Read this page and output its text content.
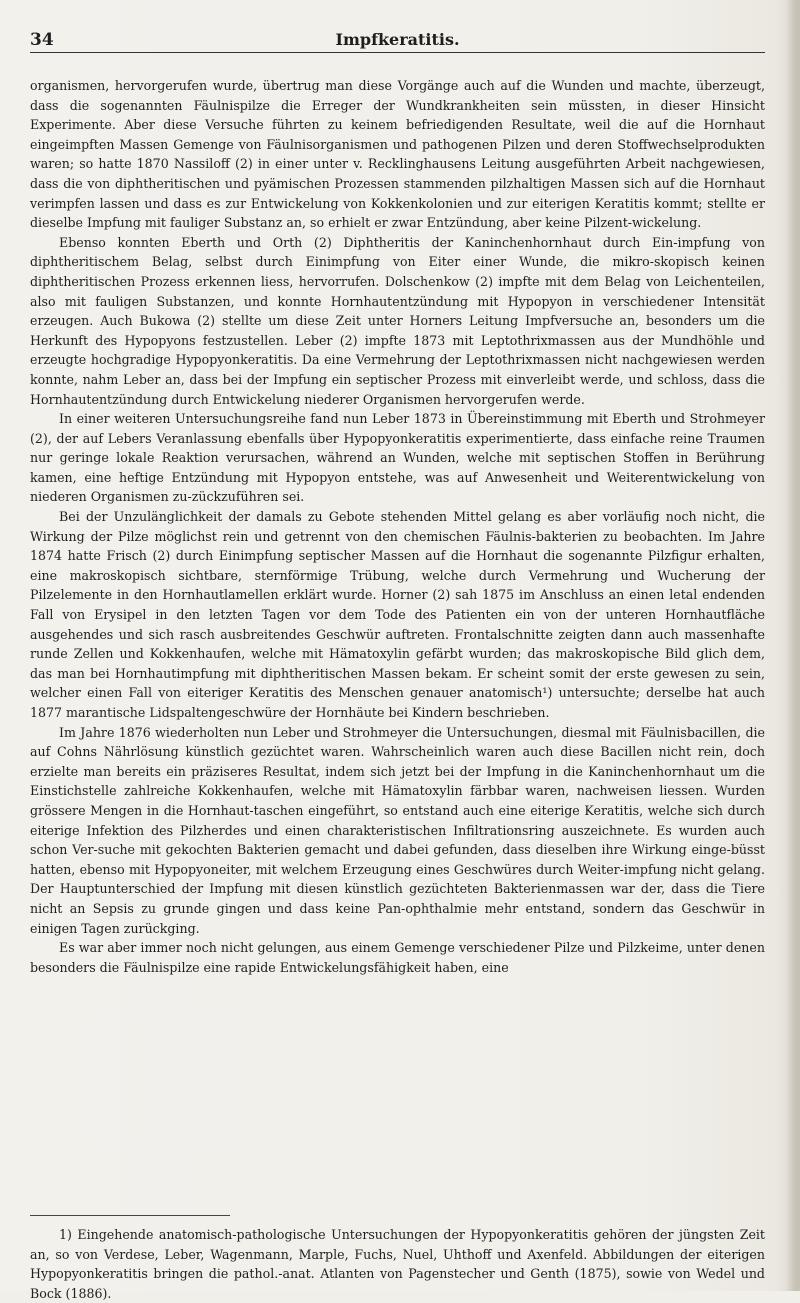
34	Impfkeratitis.

organismen, hervorgerufen wurde, übertrug man diese Vorgänge auch auf die Wunden und machte, überzeugt, dass die sogenannten Fäulnispilze die Erreger der Wundkrankheiten sein müssten, in dieser Hinsicht Experimente. Aber diese Versuche führten zu keinem befriedigenden Resultate, weil die auf die Hornhaut eingeimpften Massen Gemenge von Fäulnisorganismen und pathogenen Pilzen und deren Stoffwechselprodukten waren; so hatte 1870 Nassiloff (2) in einer unter v. Recklinghausens Leitung ausgeführten Arbeit nachgewiesen, dass die von diphtheritischen und pyämischen Prozessen stammenden pilzhaltigen Massen sich auf die Hornhaut verimpfen lassen und dass es zur Entwickelung von Kokkenkolonien und zur eiterigen Keratitis kommt; stellte er dieselbe Impfung mit fauliger Substanz an, so erhielt er zwar Entzündung, aber keine Pilzent-wickelung.

Ebenso konnten Eberth und Orth (2) Diphtheritis der Kaninchenhornhaut durch Ein-impfung von diphtheritischem Belag, selbst durch Einimpfung von Eiter einer Wunde, die mikro-skopisch keinen diphtheritischen Prozess erkennen liess, hervorrufen. Dolschenkow (2) impfte mit dem Belag von Leichenteilen, also mit fauligen Substanzen, und konnte Hornhautentzündung mit Hypopyon in verschiedener Intensität erzeugen. Auch Bukowa (2) stellte um diese Zeit unter Horners Leitung Impfversuche an, besonders um die Herkunft des Hypopyons festzustellen. Leber (2) impfte 1873 mit Leptothrixmassen aus der Mundhöhle und erzeugte hochgradige Hypopyonkeratitis. Da eine Vermehrung der Leptothrixmassen nicht nachgewiesen werden konnte, nahm Leber an, dass bei der Impfung ein septischer Prozess mit einverleibt werde, und schloss, dass die Hornhautentzündung durch Entwickelung niederer Organismen hervorgerufen werde.

In einer weiteren Untersuchungsreihe fand nun Leber 1873 in Übereinstimmung mit Eberth und Strohmeyer (2), der auf Lebers Veranlassung ebenfalls über Hypopyonkeratitis experimentierte, dass einfache reine Traumen nur geringe lokale Reaktion verursachen, während an Wunden, welche mit septischen Stoffen in Berührung kamen, eine heftige Entzündung mit Hypopyon entstehe, was auf Anwesenheit und Weiterentwickelung von niederen Organismen zu-zückzuführen sei.

Bei der Unzulänglichkeit der damals zu Gebote stehenden Mittel gelang es aber vorläufig noch nicht, die Wirkung der Pilze möglichst rein und getrennt von den chemischen Fäulnis-bakterien zu beobachten. Im Jahre 1874 hatte Frisch (2) durch Einimpfung septischer Massen auf die Hornhaut die sogenannte Pilzfigur erhalten, eine makroskopisch sichtbare, sternförmige Trübung, welche durch Vermehrung und Wucherung der Pilzelemente in den Hornhautlamellen erklärt wurde. Horner (2) sah 1875 im Anschluss an einen letal endenden Fall von Erysipel in den letzten Tagen vor dem Tode des Patienten ein von der unteren Hornhautfläche ausgehendes und sich rasch ausbreitendes Geschwür auftreten. Frontalschnitte zeigten dann auch massenhafte runde Zellen und Kokkenhaufen, welche mit Hämatoxylin gefärbt wurden; das makroskopische Bild glich dem, das man bei Hornhautimpfung mit diphtheritischen Massen bekam. Er scheint somit der erste gewesen zu sein, welcher einen Fall von eiteriger Keratitis des Menschen genauer anatomisch¹) untersuchte; derselbe hat auch 1877 marantische Lidspaltengeschwüre der Hornhäute bei Kindern beschrieben.

Im Jahre 1876 wiederholten nun Leber und Strohmeyer die Untersuchungen, diesmal mit Fäulnisbacillen, die auf Cohns Nährlösung künstlich gezüchtet waren. Wahrscheinlich waren auch diese Bacillen nicht rein, doch erzielte man bereits ein präziseres Resultat, indem sich jetzt bei der Impfung in die Kaninchenhornhaut um die Einstichstelle zahlreiche Kokkenhaufen, welche mit Hämatoxylin färbbar waren, nachweisen liessen. Wurden grössere Mengen in die Hornhaut-taschen eingeführt, so entstand auch eine eiterige Keratitis, welche sich durch eiterige Infektion des Pilzherdes und einen charakteristischen Infiltrationsring auszeichnete. Es wurden auch schon Ver-suche mit gekochten Bakterien gemacht und dabei gefunden, dass dieselben ihre Wirkung einge-büsst hatten, ebenso mit Hypopyoneiter, mit welchem Erzeugung eines Geschwüres durch Weiter-impfung nicht gelang. Der Hauptunterschied der Impfung mit diesen künstlich gezüchteten Bakterienmassen war der, dass die Tiere nicht an Sepsis zu grunde gingen und dass keine Pan-ophthalmie mehr entstand, sondern das Geschwür in einigen Tagen zurückging.

Es war aber immer noch nicht gelungen, aus einem Gemenge verschiedener Pilze und Pilzkeime, unter denen besonders die Fäulnispilze eine rapide Entwickelungsfähigkeit haben, eine

1) Eingehende anatomisch-pathologische Untersuchungen der Hypopyonkeratitis gehören der jüngsten Zeit an, so von Verdese, Leber, Wagenmann, Marple, Fuchs, Nuel, Uhthoff und Axenfeld. Abbildungen der eiterigen Hypopyonkeratitis bringen die pathol.-anat. Atlanten von Pagenstecher und Genth (1875), sowie von Wedel und Bock (1886).
